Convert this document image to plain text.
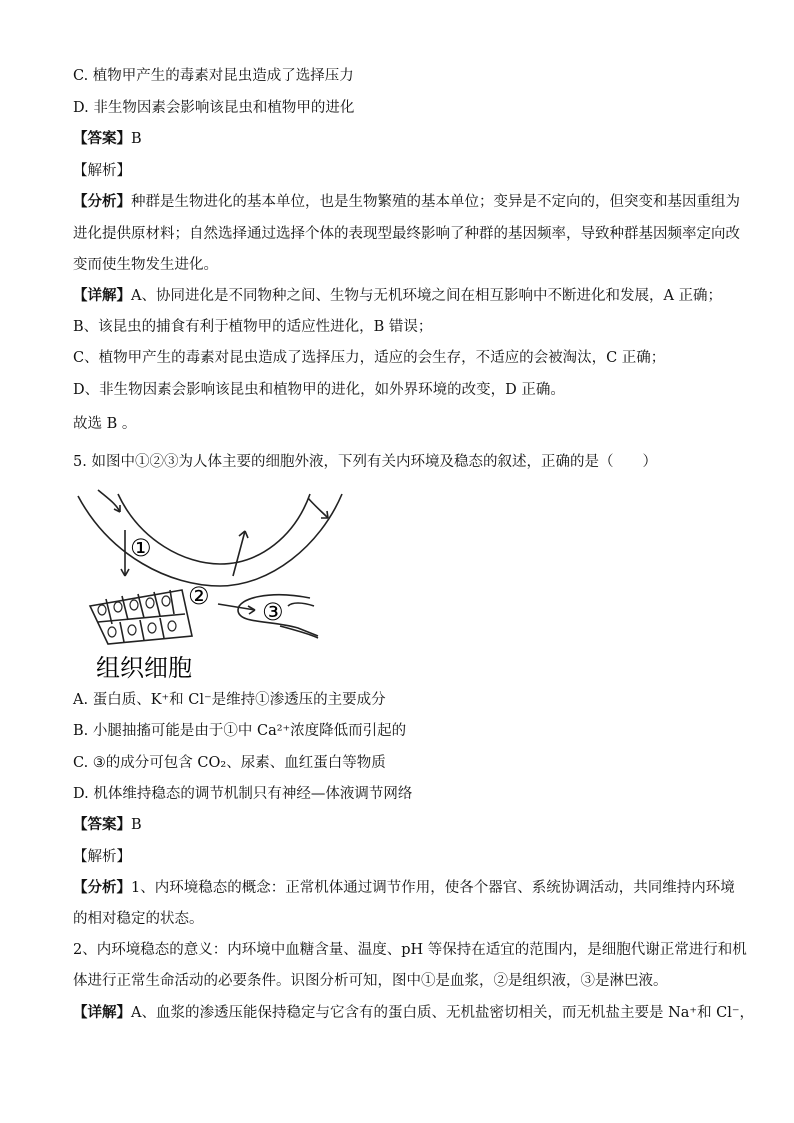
C. 植物甲产生的毒素对昆虫造成了选择压力
D. 非生物因素会影响该昆虫和植物甲的进化
【答案】B
【解析】
【分析】种群是生物进化的基本单位，也是生物繁殖的基本单位；变异是不定向的，但突变和基因重组为
进化提供原材料；自然选择通过选择个体的表现型最终影响了种群的基因频率，导致种群基因频率定向改
变而使生物发生进化。
【详解】A、协同进化是不同物种之间、生物与无机环境之间在相互影响中不断进化和发展，A 正确；
B、该昆虫的捕食有利于植物甲的适应性进化，B 错误；
C、植物甲产生的毒素对昆虫造成了选择压力，适应的会生存，不适应的会被淘汰，C 正确；
D、非生物因素会影响该昆虫和植物甲的进化，如外界环境的改变，D 正确。
故选 B 。
5. 如图中①②③为人体主要的细胞外液，下列有关内环境及稳态的叙述，正确的是（　　）
①
②
③
组织细胞
A. 蛋白质、K⁺和 Cl⁻是维持①渗透压的主要成分
B. 小腿抽搐可能是由于①中 Ca²⁺浓度降低而引起的
C. ③的成分可包含 CO₂、尿素、血红蛋白等物质
D. 机体维持稳态的调节机制只有神经—体液调节网络
【答案】B
【解析】
【分析】1、内环境稳态的概念：正常机体通过调节作用，使各个器官、系统协调活动，共同维持内环境
的相对稳定的状态。
2、内环境稳态的意义：内环境中血糖含量、温度、pH 等保持在适宜的范围内，是细胞代谢正常进行和机
体进行正常生命活动的必要条件。识图分析可知，图中①是血浆，②是组织液，③是淋巴液。
【详解】A、血浆的渗透压能保持稳定与它含有的蛋白质、无机盐密切相关，而无机盐主要是 Na⁺和 Cl⁻，
